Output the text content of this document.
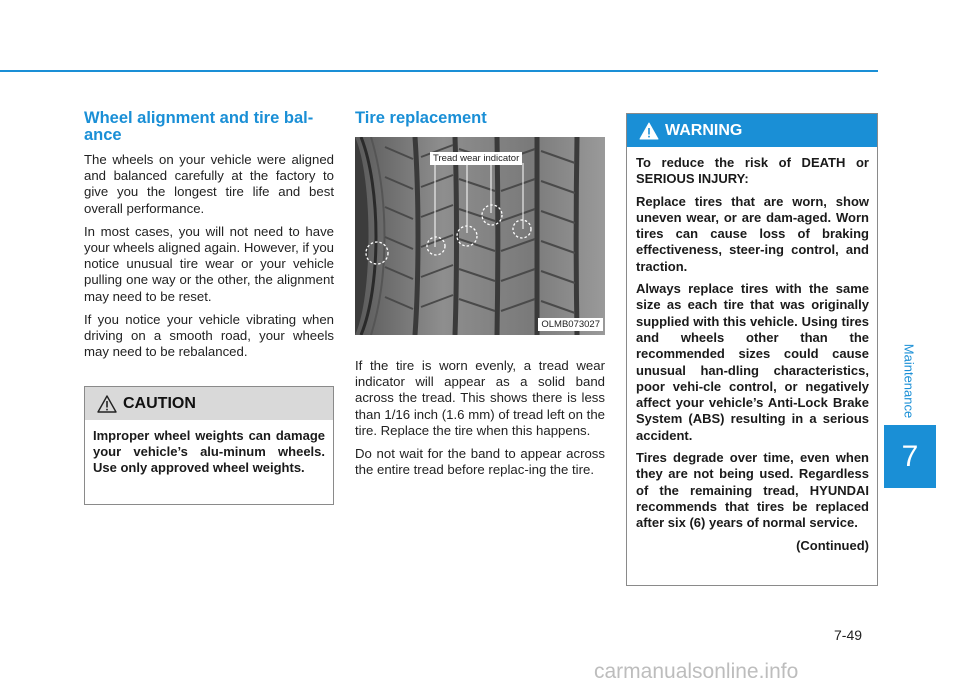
Maintenance
7
Wheel alignment and tire bal-ance

The wheels on your vehicle were aligned and balanced carefully at the factory to give you the longest tire life and best overall performance.

In most cases, you will not need to have your wheels aligned again. However, if you notice unusual tire wear or your vehicle pulling one way or the other, the alignment may need to be reset.

If you notice your vehicle vibrating when driving on a smooth road, your wheels may need to be rebalanced.

CAUTION
Improper wheel weights can damage your vehicle’s alu-minum wheels. Use only approved wheel weights.
Tire replacement
Tread wear indicator
OLMB073027

If the tire is worn evenly, a tread wear indicator will appear as a solid band across the tread. This shows there is less than 1/16 inch (1.6 mm) of tread left on the tire. Replace the tire when this happens.

Do not wait for the band to appear across the entire tread before replac-ing the tire.

WARNING

To reduce the risk of DEATH or SERIOUS INJURY:

Replace tires that are worn, show uneven wear, or are dam-aged. Worn tires can cause loss of braking effectiveness, steer-ing control, and traction.

Always replace tires with the same size as each tire that was originally supplied with this vehicle. Using tires and wheels other than the recommended sizes could cause unusual han-dling characteristics, poor vehi-cle control, or negatively affect your vehicle’s Anti-Lock Brake System (ABS) resulting in a serious accident.

Tires degrade over time, even when they are not being used. Regardless of the remaining tread, HYUNDAI recommends that tires be replaced after six (6) years of normal service.

(Continued)

7-49
carmanualsonline.info
